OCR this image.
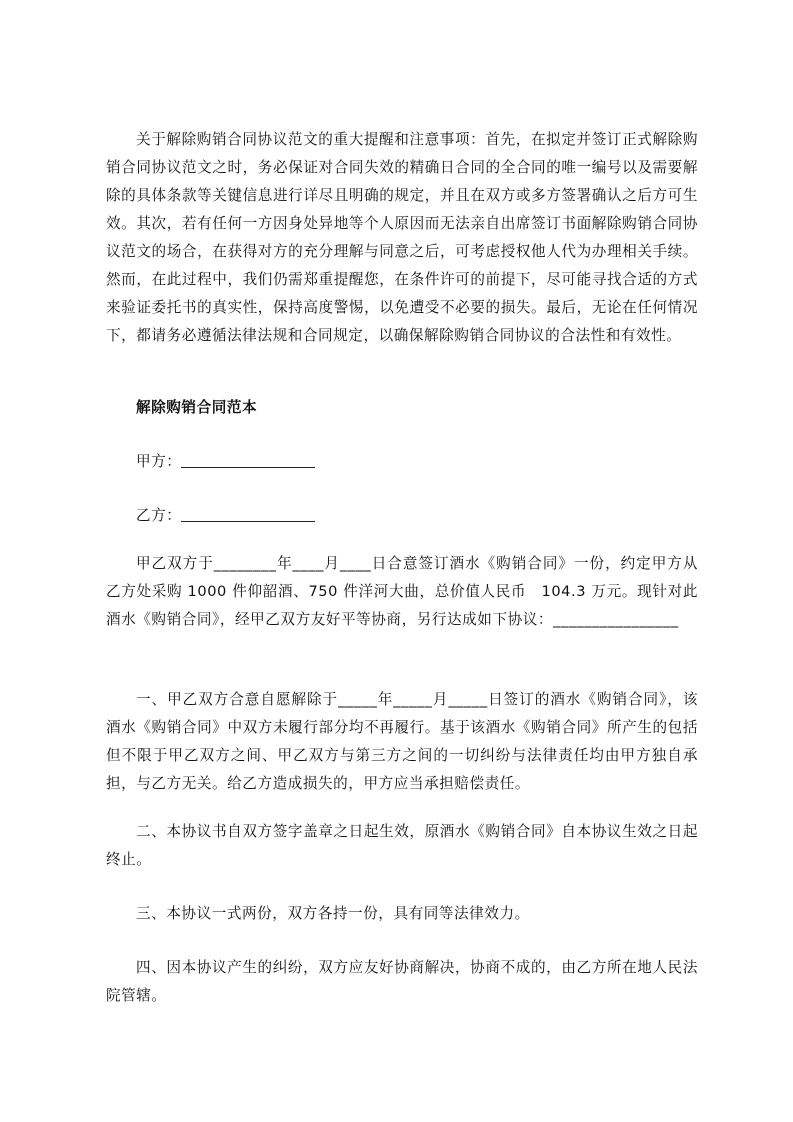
关于解除购销合同协议范文的重大提醒和注意事项：首先，在拟定并签订正式解除购销合同协议范文之时，务必保证对合同失效的精确日合同的全合同的唯一编号以及需要解除的具体条款等关键信息进行详尽且明确的规定，并且在双方或多方签署确认之后方可生效。其次，若有任何一方因身处异地等个人原因而无法亲自出席签订书面解除购销合同协议范文的场合，在获得对方的充分理解与同意之后，可考虑授权他人代为办理相关手续。然而，在此过程中，我们仍需郑重提醒您，在条件许可的前提下，尽可能寻找合适的方式来验证委托书的真实性，保持高度警惕，以免遭受不必要的损失。最后，无论在任何情况下，都请务必遵循法律法规和合同规定，以确保解除购销合同协议的合法性和有效性。

解除购销合同范本

甲方：

乙方：

甲乙双方于________年____月____日合意签订酒水《购销合同》一份，约定甲方从乙方处采购 1000 件仰韶酒、750 件洋河大曲，总价值人民币　104.3 万元。现针对此酒水《购销合同》，经甲乙双方友好平等协商，另行达成如下协议：________________

一、甲乙双方合意自愿解除于_____年_____月_____日签订的酒水《购销合同》，该酒水《购销合同》中双方未履行部分均不再履行。基于该酒水《购销合同》所产生的包括但不限于甲乙双方之间、甲乙双方与第三方之间的一切纠纷与法律责任均由甲方独自承担，与乙方无关。给乙方造成损失的，甲方应当承担赔偿责任。

二、本协议书自双方签字盖章之日起生效，原酒水《购销合同》自本协议生效之日起终止。

三、本协议一式两份，双方各持一份，具有同等法律效力。

四、因本协议产生的纠纷，双方应友好协商解决，协商不成的，由乙方所在地人民法院管辖。
